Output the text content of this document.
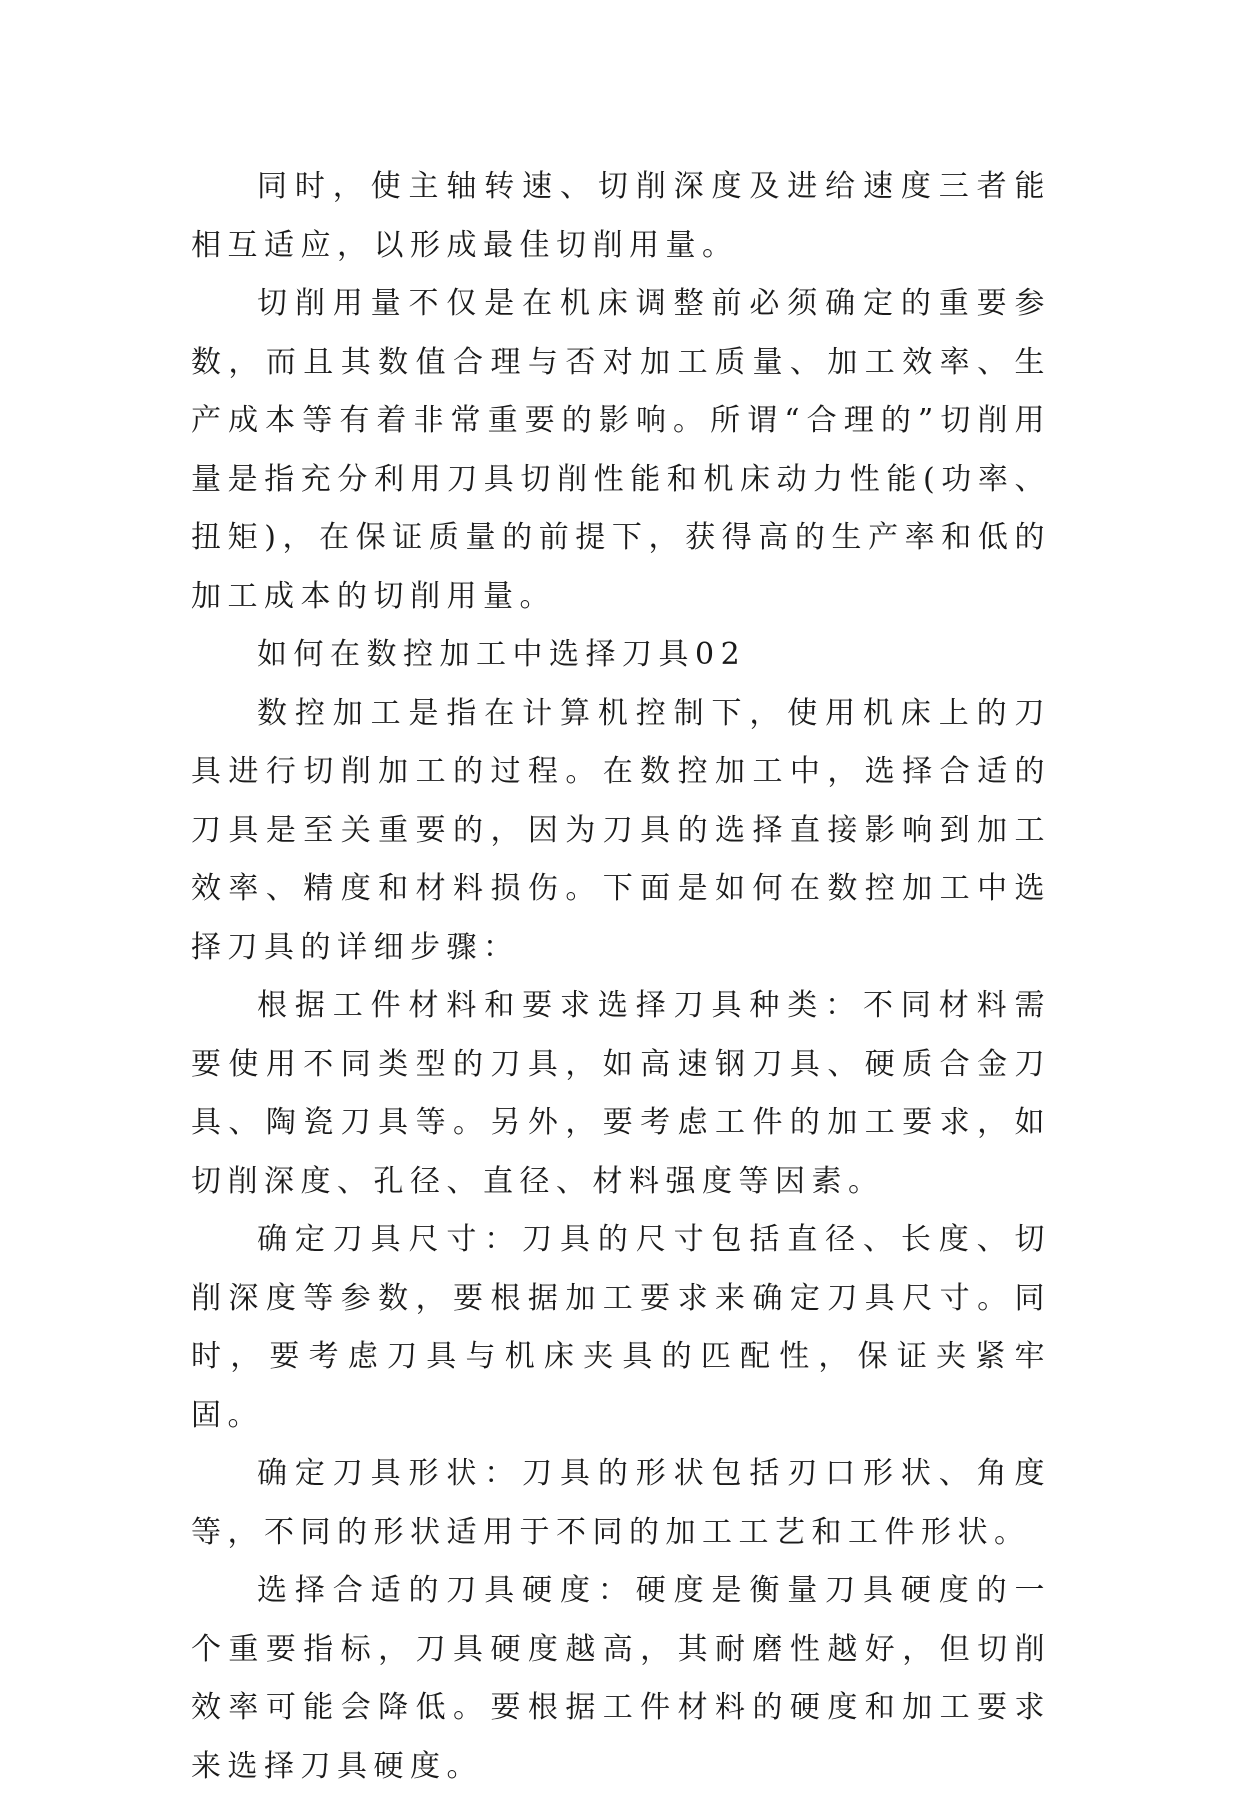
同时，使主轴转速、切削深度及进给速度三者能相互适应，以形成最佳切削用量。

切削用量不仅是在机床调整前必须确定的重要参数，而且其数值合理与否对加工质量、加工效率、生产成本等有着非常重要的影响。所谓“合理的”切削用量是指充分利用刀具切削性能和机床动力性能(功率、扭矩)，在保证质量的前提下，获得高的生产率和低的加工成本的切削用量。

如何在数控加工中选择刀具02

数控加工是指在计算机控制下，使用机床上的刀具进行切削加工的过程。在数控加工中，选择合适的刀具是至关重要的，因为刀具的选择直接影响到加工效率、精度和材料损伤。下面是如何在数控加工中选择刀具的详细步骤：

根据工件材料和要求选择刀具种类：不同材料需要使用不同类型的刀具，如高速钢刀具、硬质合金刀具、陶瓷刀具等。另外，要考虑工件的加工要求，如切削深度、孔径、直径、材料强度等因素。

确定刀具尺寸：刀具的尺寸包括直径、长度、切削深度等参数，要根据加工要求来确定刀具尺寸。同时，要考虑刀具与机床夹具的匹配性，保证夹紧牢固。

确定刀具形状：刀具的形状包括刃口形状、角度等，不同的形状适用于不同的加工工艺和工件形状。

选择合适的刀具硬度：硬度是衡量刀具硬度的一个重要指标，刀具硬度越高，其耐磨性越好，但切削效率可能会降低。要根据工件材料的硬度和加工要求来选择刀具硬度。
